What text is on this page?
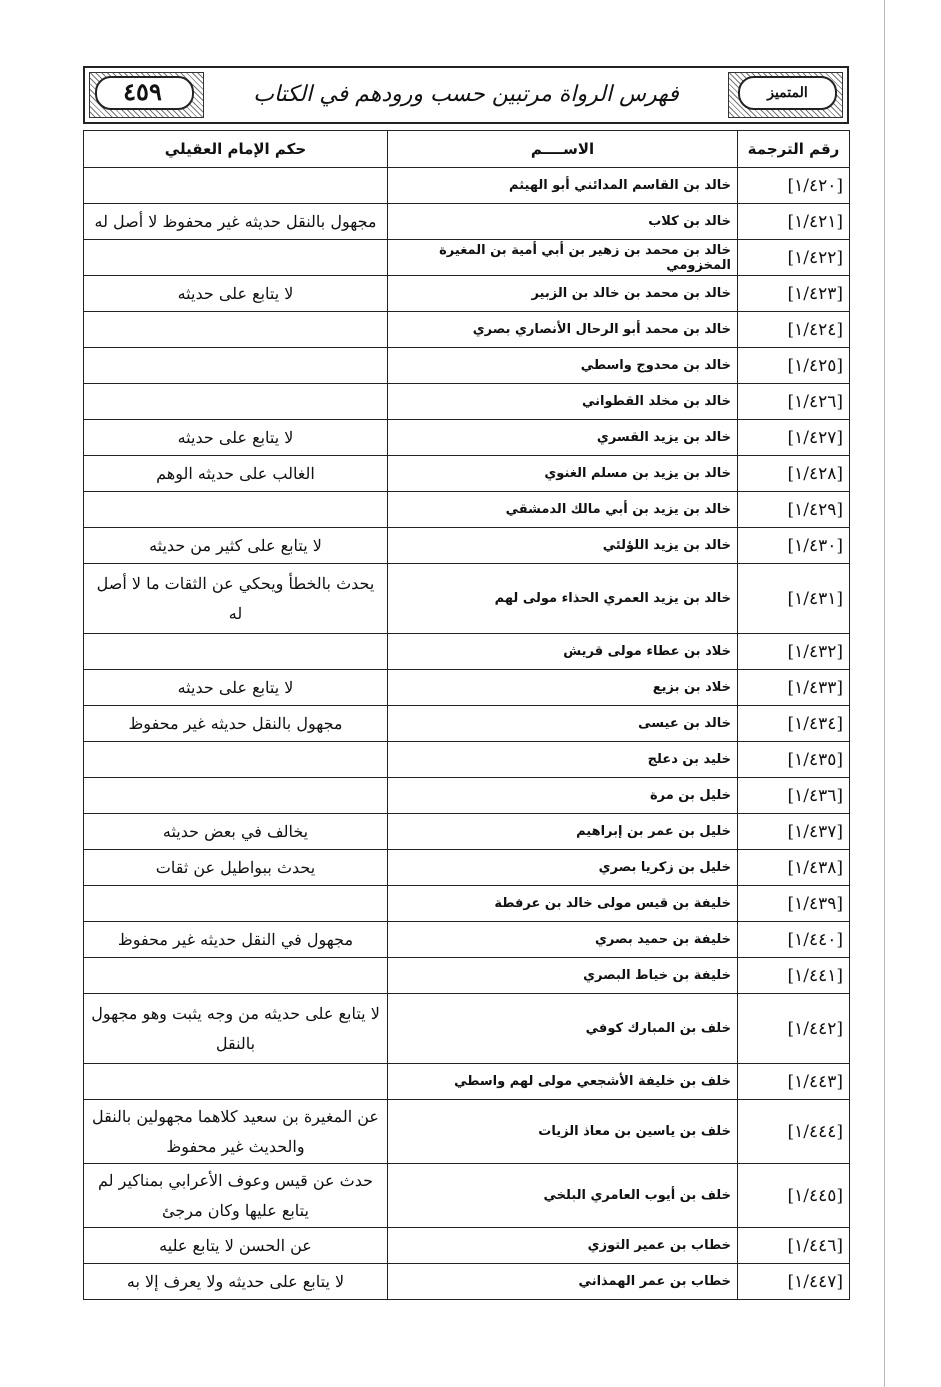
المتميز
٤٥٩	فهرس الرواة مرتبين حسب ورودهم في الكتاب
رقم الترجمة	الاســــم	حكم الإمام العقيلي
[١/٤٢٠]	خالد بن القاسم المدائني أبو الهيثم	
[١/٤٢١]	خالد بن كلاب	مجهول بالنقل حديثه غير محفوظ لا أصل له
[١/٤٢٢]	خالد بن محمد بن زهير بن أبي أمية بن المغيرة المخزومي	
[١/٤٢٣]	خالد بن محمد بن خالد بن الزبير	لا يتابع على حديثه
[١/٤٢٤]	خالد بن محمد أبو الرحال الأنصاري بصري	
[١/٤٢٥]	خالد بن محدوج واسطي	
[١/٤٢٦]	خالد بن مخلد القطواني	
[١/٤٢٧]	خالد بن يزيد القسري	لا يتابع على حديثه
[١/٤٢٨]	خالد بن يزيد بن مسلم الغنوي	الغالب على حديثه الوهم
[١/٤٢٩]	خالد بن يزيد بن أبي مالك الدمشقي	
[١/٤٣٠]	خالد بن يزيد اللؤلئي	لا يتابع على كثير من حديثه
[١/٤٣١]	خالد بن يزيد العمري الحذاء مولى لهم	يحدث بالخطأ ويحكي عن الثقات ما لا أصل له
[١/٤٣٢]	خلاد بن عطاء مولى قريش	
[١/٤٣٣]	خلاد بن بزيع	لا يتابع على حديثه
[١/٤٣٤]	خالد بن عيسى	مجهول بالنقل حديثه غير محفوظ
[١/٤٣٥]	خليد بن دعلج	
[١/٤٣٦]	خليل بن مرة	
[١/٤٣٧]	خليل بن عمر بن إبراهيم	يخالف في بعض حديثه
[١/٤٣٨]	خليل بن زكريا بصري	يحدث ببواطيل عن ثقات
[١/٤٣٩]	خليفة بن قيس مولى خالد بن عرفطة	
[١/٤٤٠]	خليفة بن حميد بصري	مجهول في النقل حديثه غير محفوظ
[١/٤٤١]	خليفة بن خياط البصري	
[١/٤٤٢]	خلف بن المبارك كوفي	لا يتابع على حديثه من وجه يثبت وهو مجهول بالنقل
[١/٤٤٣]	خلف بن خليفة الأشجعي مولى لهم واسطي	
[١/٤٤٤]	خلف بن ياسين بن معاذ الزيات	عن المغيرة بن سعيد كلاهما مجهولين بالنقل والحديث غير محفوظ
[١/٤٤٥]	خلف بن أيوب العامري البلخي	حدث عن قيس وعوف الأعرابي بمناكير لم يتابع عليها وكان مرجئ
[١/٤٤٦]	خطاب بن عمير التوزي	عن الحسن لا يتابع عليه
[١/٤٤٧]	خطاب بن عمر الهمذاني	لا يتابع على حديثه ولا يعرف إلا به
